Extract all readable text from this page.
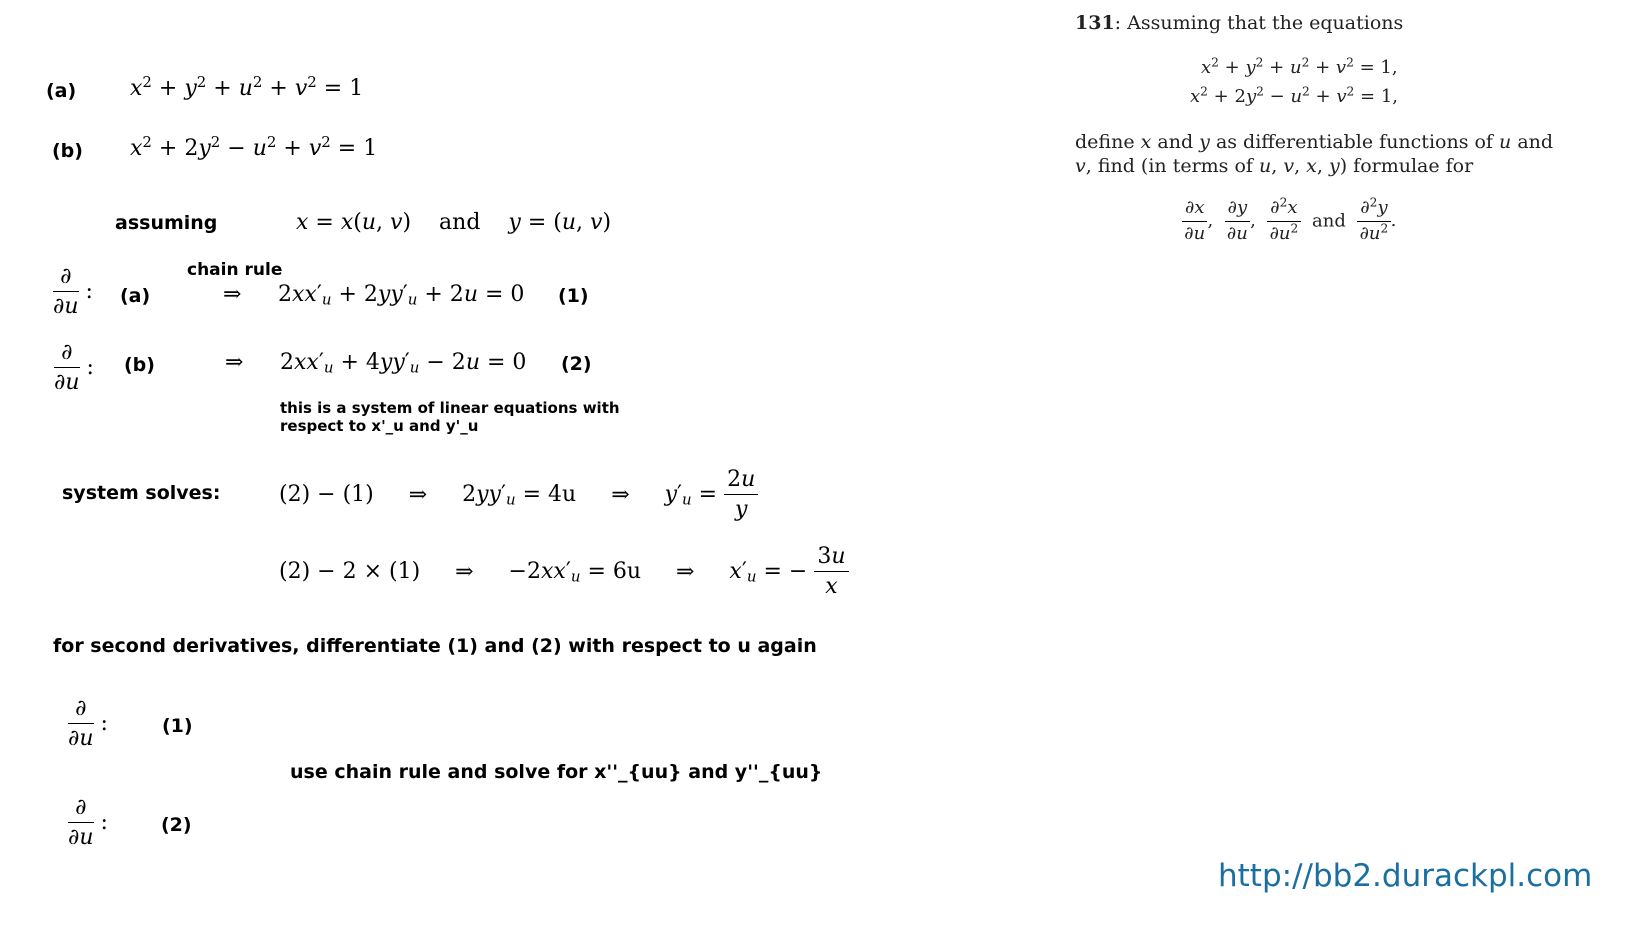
(a) $x^2 + y^2 + u^2 + v^2 = 1$
(b) $x^2 + 2y^2 - u^2 + v^2 = 1$
assuming	x = x(u, v)    and y = (u, v)
chain rule
$\frac{\partial}{\partial u}$ : (a)	⇒ $2xx'_u + 2yy'_u + 2u = 0$ (1)
$\frac{\partial}{\partial u}$ : (b)	⇒ $2xx'_u + 4yy'_u - 2u = 0$ (2)
this is a system of linear equations with
respect to x'_u and y'_u
system solves:	(2) − (1) ⇒ $2yy'_u = 4u$ ⇒ $y'_u = \frac{2u}{y}$
(2) − 2 × (1) ⇒ $-2xx'_u = 6u$ ⇒ $x'_u$ = − $\frac{3u}{x}$
for second derivatives, differentiate (1) and (2) with respect to u again
$\frac{\partial}{\partial u}$ :	(1)
use chain rule and solve for x''_{uu} and y''_{uu}
$\frac{\partial}{\partial u}$ :	(2)
131: Assuming that the equations
$x^2 + y^2 + u^2 + v^2 = 1$,
$x^2 + 2y^2 - u^2 + v^2 = 1$,
define x and y as differentiable functions of u and
v, find (in terms of u, v, x, y) formulae for
$\frac{\partial x}{\partial u}$ , $\frac{\partial y}{\partial u}$ , $\frac{\partial^2x}{\partial u^2}$ and $\frac{\partial^2y}{\partial u^2}$ .
http://bb2.durackpl.com
